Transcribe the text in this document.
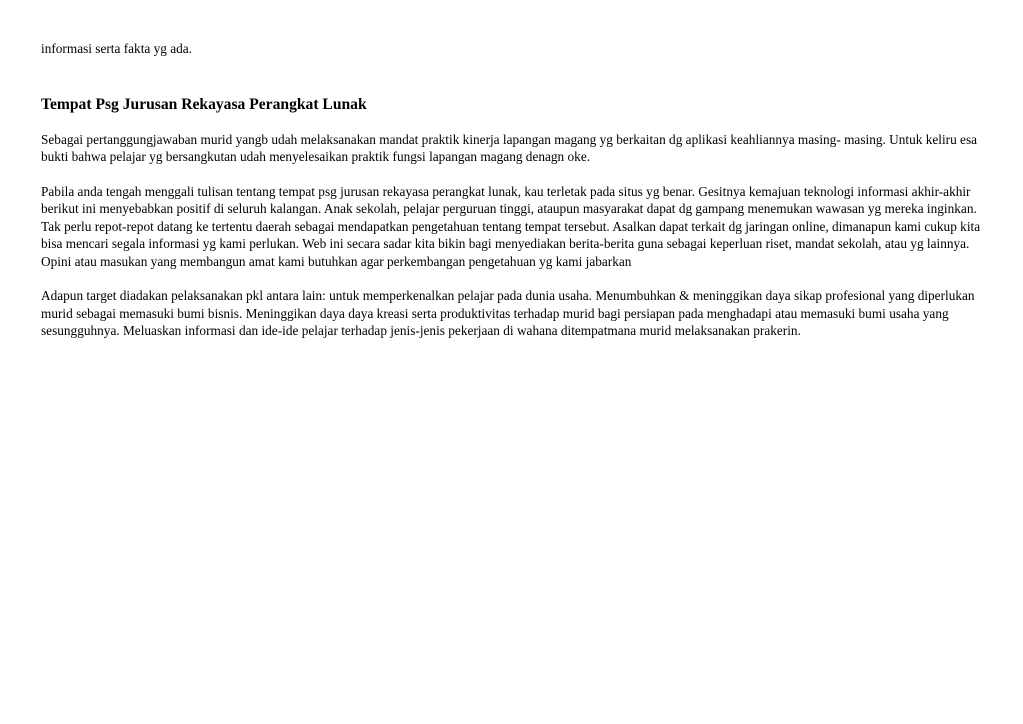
informasi serta fakta yg ada.

Tempat Psg Jurusan Rekayasa Perangkat Lunak

Sebagai pertanggungjawaban murid yangb udah melaksanakan mandat praktik kinerja lapangan magang yg berkaitan dg aplikasi keahliannya masing- masing. Untuk keliru esa bukti bahwa pelajar yg bersangkutan udah menyelesaikan praktik fungsi lapangan magang denagn oke.

Pabila anda tengah menggali tulisan tentang tempat psg jurusan rekayasa perangkat lunak, kau terletak pada situs yg benar. Gesitnya kemajuan teknologi informasi akhir-akhir berikut ini menyebabkan positif di seluruh kalangan. Anak sekolah, pelajar perguruan tinggi, ataupun masyarakat dapat dg gampang menemukan wawasan yg mereka inginkan. Tak perlu repot-repot datang ke tertentu daerah sebagai mendapatkan pengetahuan tentang tempat tersebut. Asalkan dapat terkait dg jaringan online, dimanapun kami cukup kita bisa mencari segala informasi yg kami perlukan. Web ini secara sadar kita bikin bagi menyediakan berita-berita guna sebagai keperluan riset, mandat sekolah, atau yg lainnya. Opini atau masukan yang membangun amat kami butuhkan agar perkembangan pengetahuan yg kami jabarkan

Adapun target diadakan pelaksanakan pkl antara lain: untuk memperkenalkan pelajar pada dunia usaha. Menumbuhkan & meninggikan daya sikap profesional yang diperlukan murid sebagai memasuki bumi bisnis. Meninggikan daya daya kreasi serta produktivitas terhadap murid bagi persiapan pada menghadapi atau memasuki bumi usaha yang sesungguhnya. Meluaskan informasi dan ide-ide pelajar terhadap jenis-jenis pekerjaan di wahana ditempatmana murid melaksanakan prakerin.
